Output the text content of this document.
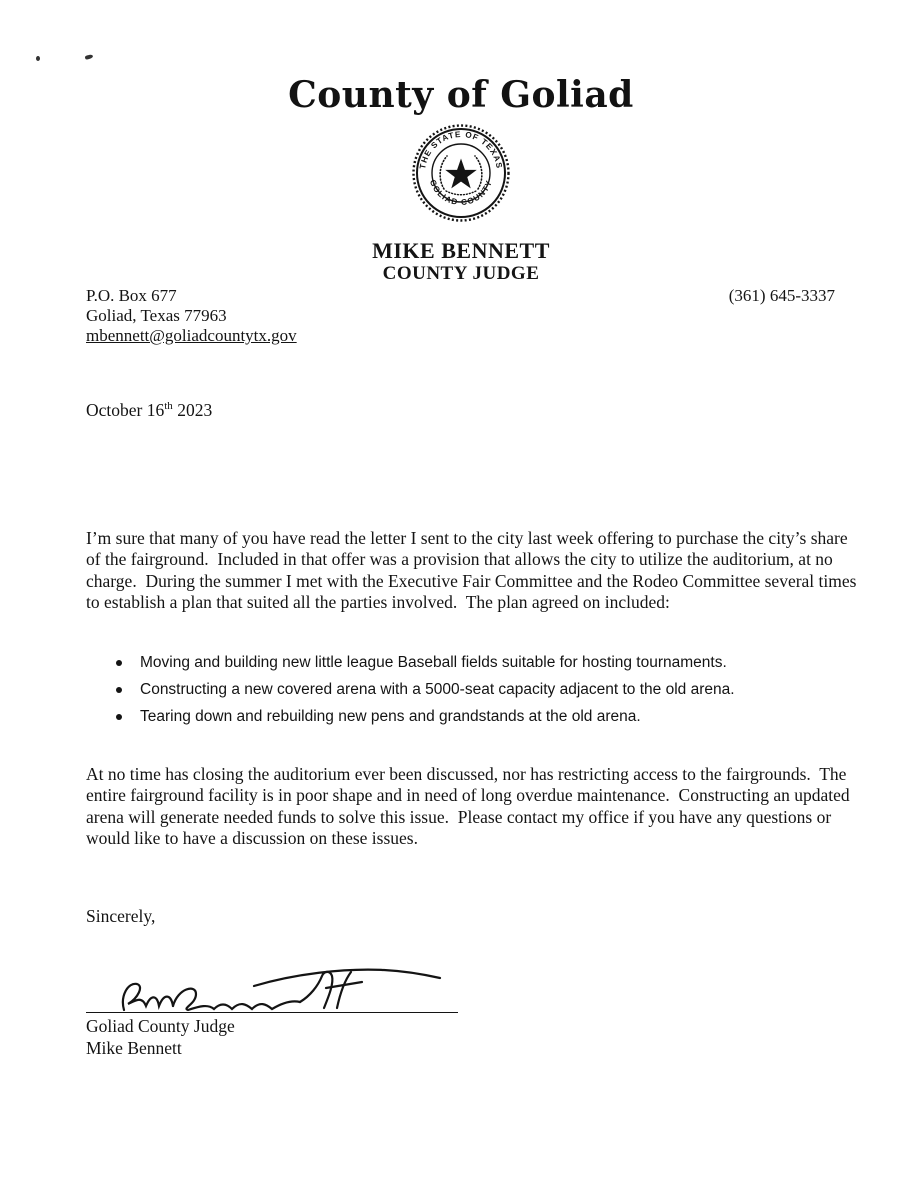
County of Goliad
THE STATE OF TEXAS
GOLIAD COUNTY
MIKE BENNETT
COUNTY JUDGE
P.O. Box 677
Goliad, Texas 77963
mbennett@goliadcountytx.gov
(361) 645-3337
October 16th 2023
I’m sure that many of you have read the letter I sent to the city last week offering to purchase the city’s share of the fairground.  Included in that offer was a provision that allows the city to utilize the auditorium, at no charge.  During the summer I met with the Executive Fair Committee and the Rodeo Committee several times to establish a plan that suited all the parties involved.  The plan agreed on included:
Moving and building new little league Baseball fields suitable for hosting tournaments.
Constructing a new covered arena with a 5000-seat capacity adjacent to the old arena.
Tearing down and rebuilding new pens and grandstands at the old arena.
At no time has closing the auditorium ever been discussed, nor has restricting access to the fairgrounds.  The entire fairground facility is in poor shape and in need of long overdue maintenance.  Constructing an updated arena will generate needed funds to solve this issue.  Please contact my office if you have any questions or would like to have a discussion on these issues.
Sincerely,
Goliad County Judge
Mike Bennett
